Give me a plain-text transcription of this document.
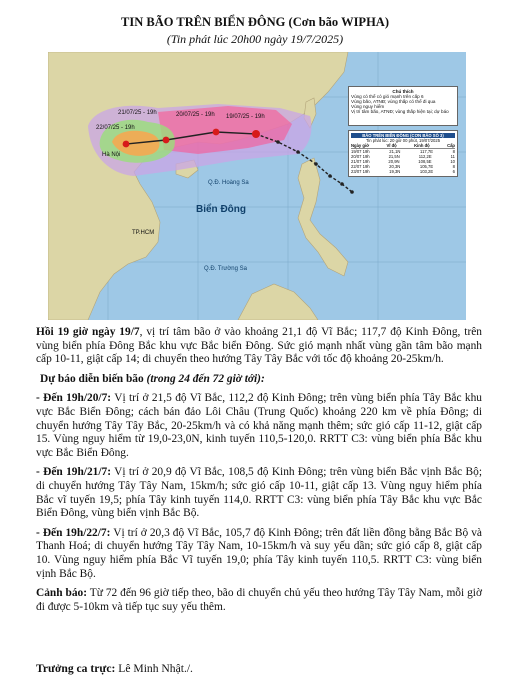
TIN BÃO TRÊN BIỂN ĐÔNG (Cơn bão WIPHA)
(Tin phát lúc 20h00 ngày 19/7/2025)
22/07/25 - 19h
21/07/25 - 19h	20/07/25 - 19h 19/07/25 - 19h
Biển Đông
Q.Đ. Hoàng Sa
Q.Đ. Trường Sa
Hà Nội
TP.HCM
Chú thích
Vùng có thể có gió mạnh trên cấp 6
Vùng bão, ATNĐ; vùng thấp có thể đi qua
Vùng nguy hiểm
Vị trí tâm bão, ATNĐ; vùng thấp hiện tại; dự báo
BÃO TRÊN BIỂN ĐÔNG (CƠN BÃO SỐ 3)
Tin phát lúc: 20 giờ 00 phút, 19/07/2025
Ngày giờ	Vĩ độ	Kinh độ	Cấp
19/07 19h	21,1N	117,7E	8
20/07 19h	21,5N	112,2E	11
21/07 19h	20,9N	108,5E	10
22/07 19h	20,3N	105,7E	8
23/07 19h	19,3N	103,2E	6

Hồi 19 giờ ngày 19/7, vị trí tâm bão ở vào khoảng 21,1 độ Vĩ Bắc; 117,7 độ Kinh Đông, trên vùng biển phía Đông Bắc khu vực Bắc biển Đông. Sức gió mạnh nhất vùng gần tâm bão mạnh cấp 10-11, giật cấp 14; di chuyển theo hướng Tây Tây Bắc với tốc độ khoảng 20-25km/h.

Dự báo diễn biến bão (trong 24 đến 72 giờ tới):

- Đến 19h/20/7: Vị trí ở 21,5 độ Vĩ Bắc, 112,2 độ Kinh Đông; trên vùng biển phía Tây Bắc khu vực Bắc Biển Đông; cách bán đảo Lôi Châu (Trung Quốc) khoảng 220 km về phía Đông; di chuyển hướng Tây Tây Bắc, 20-25km/h và có khả năng mạnh thêm; sức gió cấp 11-12, giật cấp 15. Vùng nguy hiểm từ 19,0-23,0N, kinh tuyến 110,5-120,0. RRTT C3: vùng biển phía Bắc khu vực Bắc Biển Đông.

- Đến 19h/21/7: Vị trí ở 20,9 độ Vĩ Bắc, 108,5 độ Kinh Đông; trên vùng biển Bắc vịnh Bắc Bộ; di chuyển hướng Tây Tây Nam, 15km/h; sức gió cấp 10-11, giật cấp 13. Vùng nguy hiểm phía Bắc vĩ tuyến 19,5; phía Tây kinh tuyến 114,0. RRTT C3: vùng biển phía Tây Bắc khu vực Bắc Biển Đông, vùng biển vịnh Bắc Bộ.

- Đến 19h/22/7: Vị trí ở 20,3 độ Vĩ Bắc, 105,7 độ Kinh Đông; trên đất liền đồng bằng Bắc Bộ và Thanh Hoá; di chuyển hướng Tây Tây Nam, 10-15km/h và suy yếu dần; sức gió cấp 8, giật cấp 10. Vùng nguy hiểm phía Bắc Vĩ tuyến 19,0; phía Tây kinh tuyến 110,5. RRTT C3: vùng biển vịnh Bắc Bộ.

Cảnh báo: Từ 72 đến 96 giờ tiếp theo, bão di chuyển chủ yếu theo hướng Tây Tây Nam, mỗi giờ đi được 5-10km và tiếp tục suy yếu thêm.

Trưởng ca trực: Lê Minh Nhật./.
